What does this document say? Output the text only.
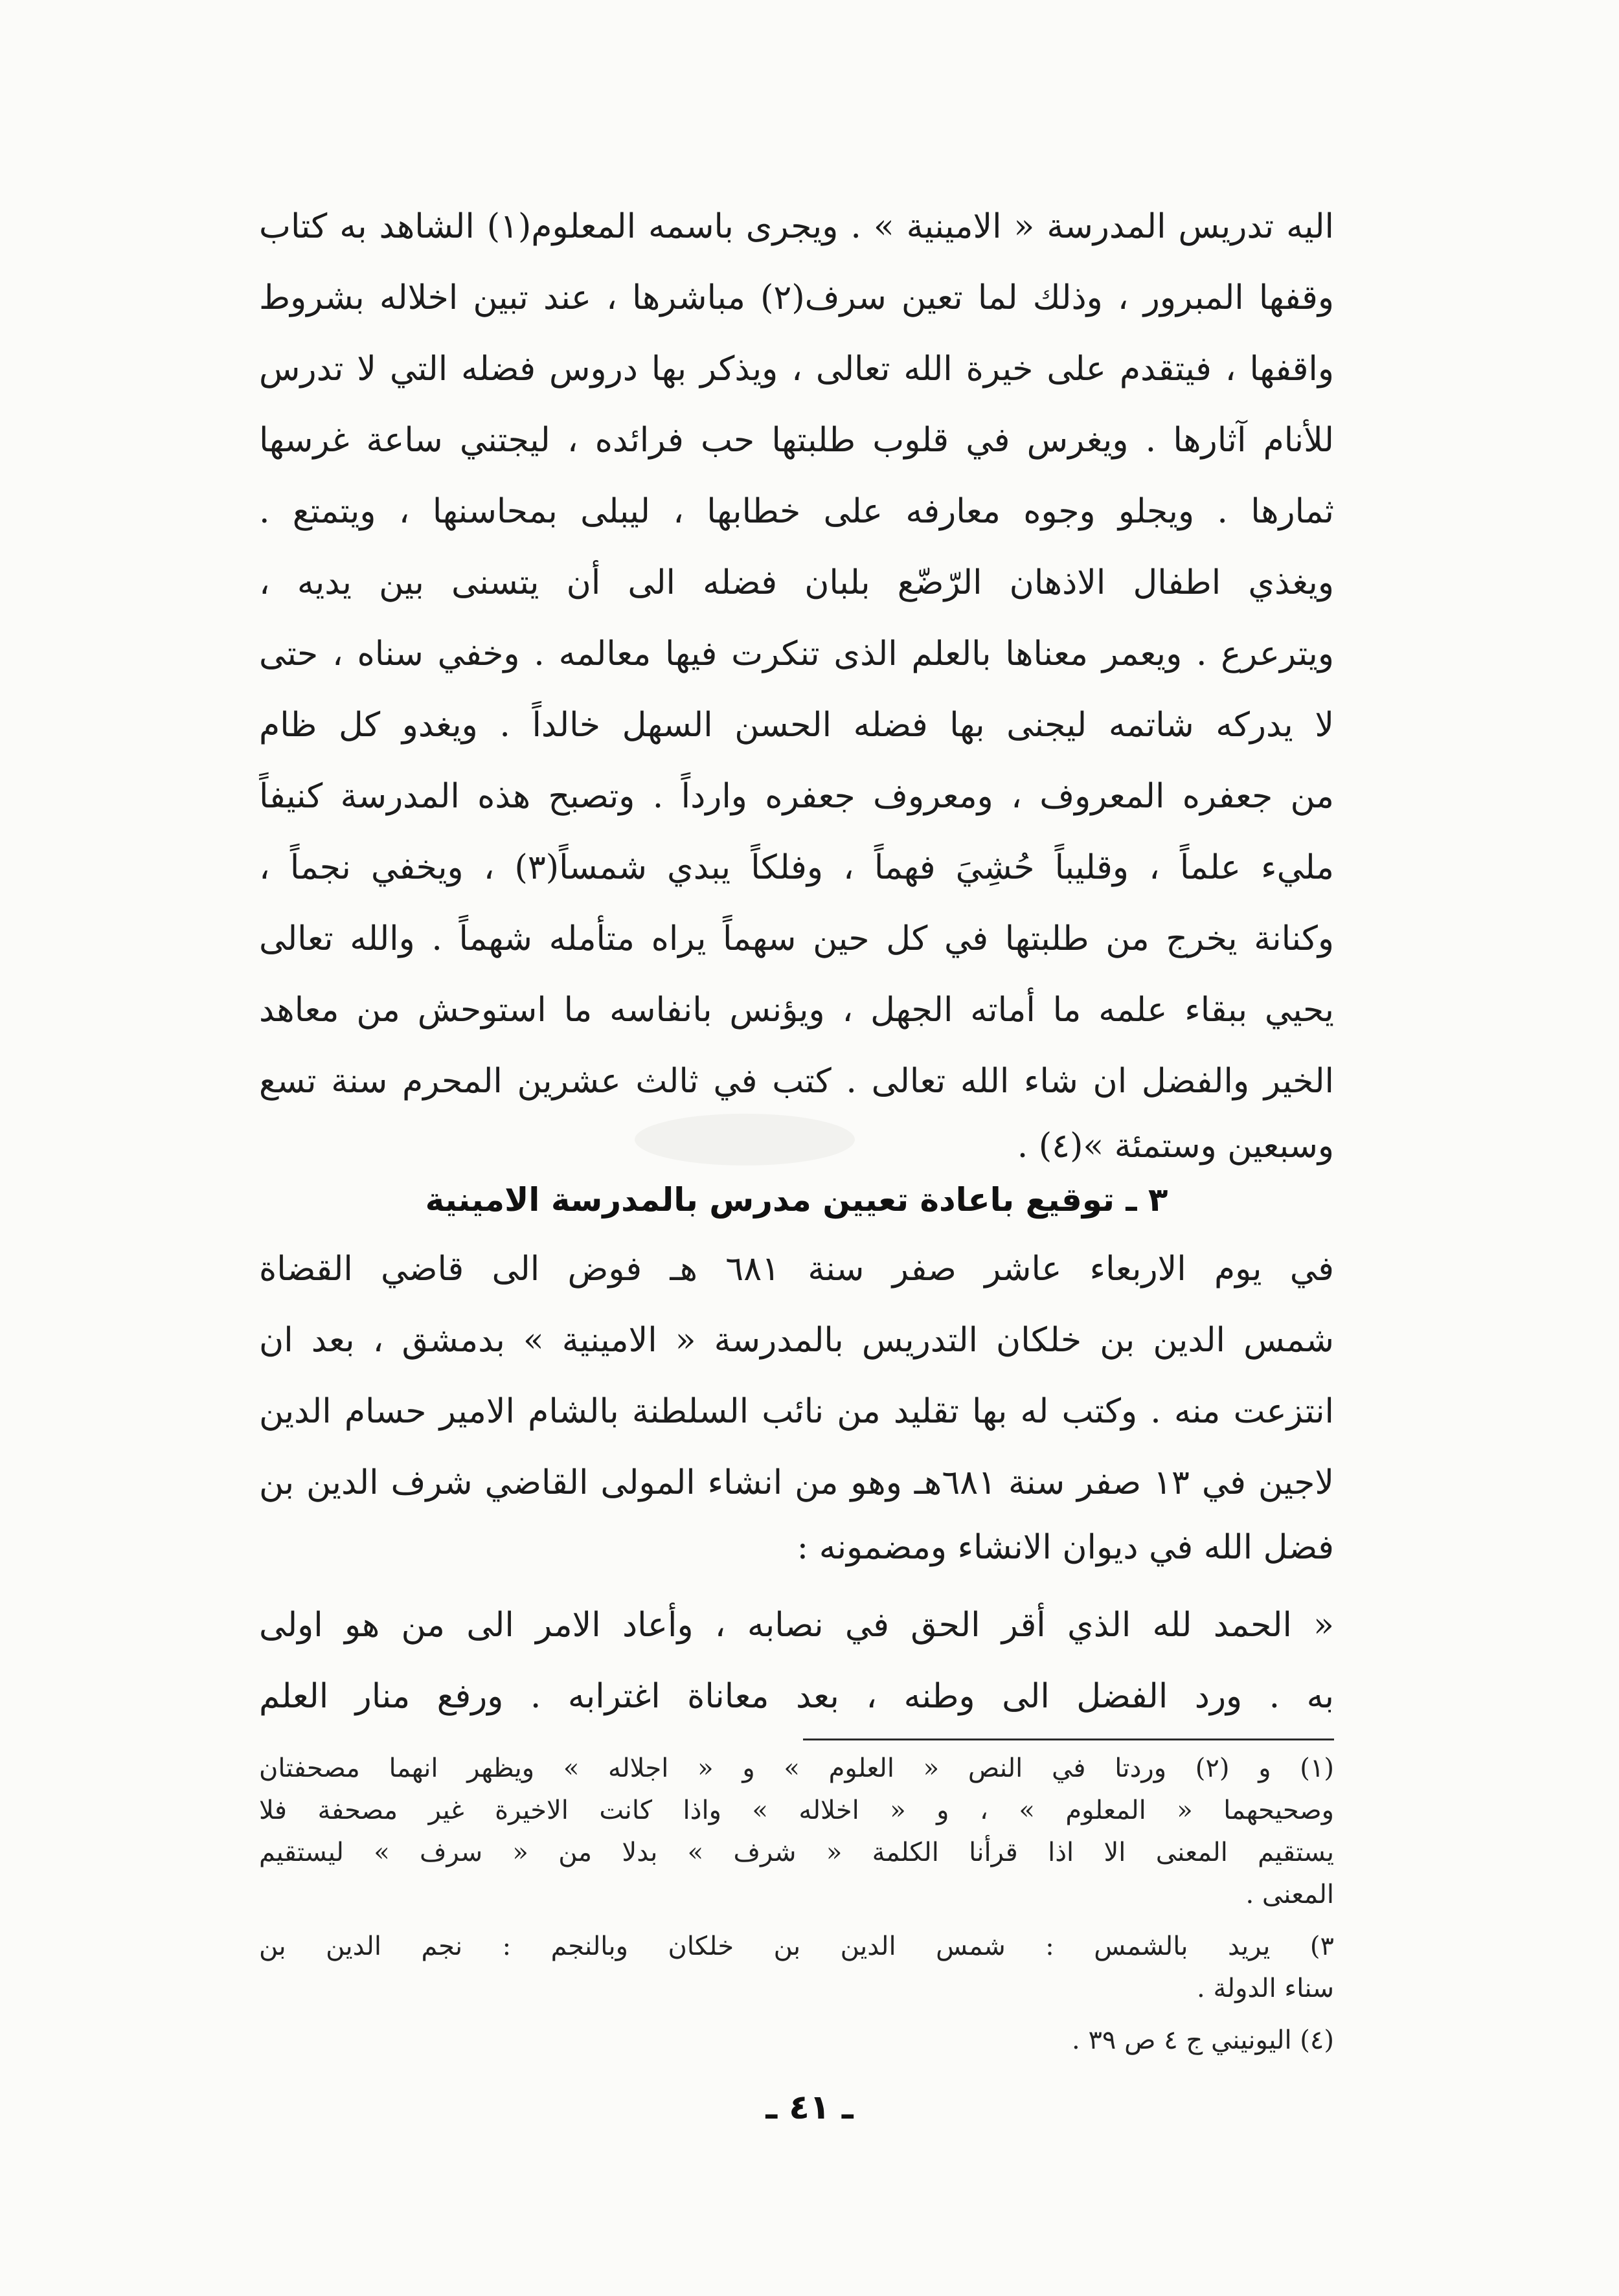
اليه تدريس المدرسة « الامينية » . ويجرى باسمه المعلوم(١) الشاهد به كتاب
وقفها المبرور ، وذلك لما تعين سرف(٢) مباشرها ، عند تبين اخلاله بشروط
واقفها ، فيتقدم على خيرة الله تعالى ، ويذكر بها دروس فضله التي لا تدرس
للأنام آثارها . ويغرس في قلوب طلبتها حب فرائده ، ليجتني ساعة غرسها
ثمارها . ويجلو وجوه معارفه على خطابها ، ليبلى بمحاسنها ، ويتمتع .
ويغذي اطفال الاذهان الرّضّع بلبان فضله الى أن يتسنى بين يديه ،
ويترعرع . ويعمر معناها بالعلم الذى تنكرت فيها معالمه . وخفي سناه ، حتى
لا يدركه شاتمه ليجنى بها فضله الحسن السهل خالداً . ويغدو كل ظام
من جعفره المعروف ، ومعروف جعفره وارداً . وتصبح هذه المدرسة كنيفاً
مليء علماً ، وقليباً حُشِيَ فهماً ، وفلكاً يبدي شمساً(٣) ، ويخفي نجماً ،
وكنانة يخرج من طلبتها في كل حين سهماً يراه متأمله شهماً . والله تعالى
يحيي ببقاء علمه ما أماته الجهل ، ويؤنس بانفاسه ما استوحش من معاهد
الخير والفضل ان شاء الله تعالى . كتب في ثالث عشرين المحرم سنة تسع
وسبعين وستمئة »(٤) .
٣ ـ توقيع باعادة تعيين مدرس بالمدرسة الامينية
في يوم الاربعاء عاشر صفر سنة ٦٨١ هـ فوض الى قاضي القضاة
شمس الدين بن خلكان التدريس بالمدرسة « الامينية » بدمشق ، بعد ان
انتزعت منه . وكتب له بها تقليد من نائب السلطنة بالشام الامير حسام الدين
لاجين في ١٣ صفر سنة ٦٨١هـ وهو من انشاء المولى القاضي شرف الدين بن
فضل الله في ديوان الانشاء ومضمونه :
« الحمد لله الذي أقر الحق في نصابه ، وأعاد الامر الى من هو اولى
به . ورد الفضل الى وطنه ، بعد معاناة اغترابه . ورفع منار العلم
(١) و (٢) وردتا في النص « العلوم » و « اجلاله » ويظهر انهما مصحفتان
وصحيحهما « المعلوم » ، و « اخلاله » واذا كانت الاخيرة غير مصحفة فلا
يستقيم المعنى الا اذا قرأنا الكلمة « شرف » بدلا من « سرف » ليستقيم
المعنى .
٣) يريد بالشمس : شمس الدين بن خلكان وبالنجم : نجم الدين بن
سناء الدولة .
(٤) اليونيني ج ٤ ص ٣٩ .
ـ ٤١ ـ
